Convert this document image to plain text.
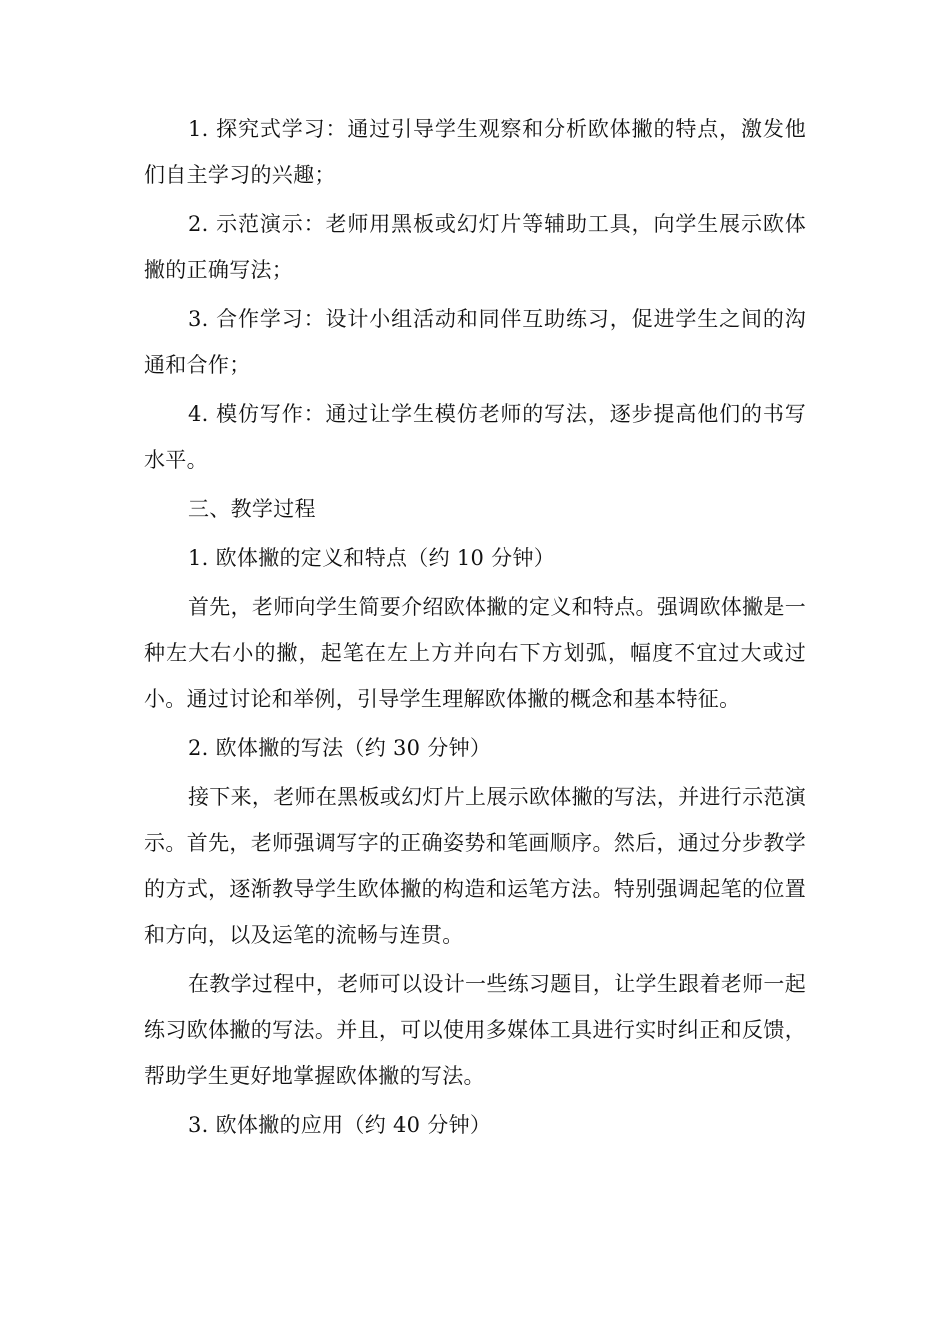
1. 探究式学习：通过引导学生观察和分析欧体撇的特点，激发他们自主学习的兴趣；

2. 示范演示：老师用黑板或幻灯片等辅助工具，向学生展示欧体撇的正确写法；

3. 合作学习：设计小组活动和同伴互助练习，促进学生之间的沟通和合作；

4. 模仿写作：通过让学生模仿老师的写法，逐步提高他们的书写水平。

三、教学过程

1. 欧体撇的定义和特点（约 10 分钟）

首先，老师向学生简要介绍欧体撇的定义和特点。强调欧体撇是一种左大右小的撇，起笔在左上方并向右下方划弧，幅度不宜过大或过小。通过讨论和举例，引导学生理解欧体撇的概念和基本特征。

2. 欧体撇的写法（约 30 分钟）

接下来，老师在黑板或幻灯片上展示欧体撇的写法，并进行示范演示。首先，老师强调写字的正确姿势和笔画顺序。然后，通过分步教学的方式，逐渐教导学生欧体撇的构造和运笔方法。特别强调起笔的位置和方向，以及运笔的流畅与连贯。

在教学过程中，老师可以设计一些练习题目，让学生跟着老师一起练习欧体撇的写法。并且，可以使用多媒体工具进行实时纠正和反馈，帮助学生更好地掌握欧体撇的写法。

3. 欧体撇的应用（约 40 分钟）
